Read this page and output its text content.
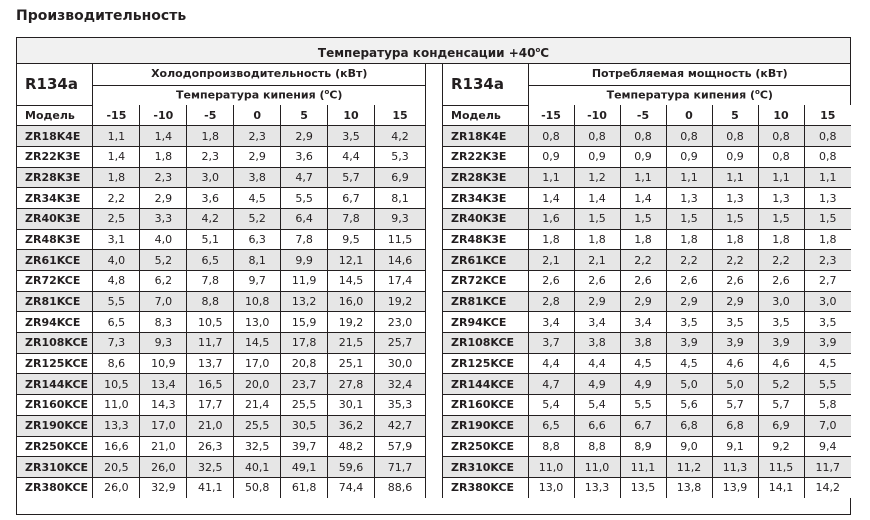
Производительность
Температура конденсации $+40^oC$
R134a	Холодопроизводительность (кВт)						
	Температура кипения ($^o$C)						
Модель	-15	-10	-5	0	5	10	15
ZR18K4E	1,1	1,4	1,8	2,3	2,9	3,5	4,2
ZR22K3E	1,4	1,8	2,3	2,9	3,6	4,4	5,3
ZR28K3E	1,8	2,3	3,0	3,8	4,7	5,7	6,9
ZR34K3E	2,2	2,9	3,6	4,5	5,5	6,7	8,1
ZR40K3E	2,5	3,3	4,2	5,2	6,4	7,8	9,3
ZR48K3E	3,1	4,0	5,1	6,3	7,8	9,5	11,5
ZR61KCE	4,0	5,2	6,5	8,1	9,9	12,1	14,6
ZR72KCE	4,8	6,2	7,8	9,7	11,9	14,5	17,4
ZR81KCE	5,5	7,0	8,8	10,8	13,2	16,0	19,2
ZR94KCE	6,5	8,3	10,5	13,0	15,9	19,2	23,0
ZR108KCE	7,3	9,3	11,7	14,5	17,8	21,5	25,7
ZR125KCE	8,6	10,9	13,7	17,0	20,8	25,1	30,0
ZR144KCE	10,5	13,4	16,5	20,0	23,7	27,8	32,4
ZR160KCE	11,0	14,3	17,7	21,4	25,5	30,1	35,3
ZR190KCE	13,3	17,0	21,0	25,5	30,5	36,2	42,7
ZR250KCE	16,6	21,0	26,3	32,5	39,7	48,2	57,9
ZR310KCE	20,5	26,0	32,5	40,1	49,1	59,6	71,7
ZR380KCE	26,0	32,9	41,1	50,8	61,8	74,4	88,6
R134a	Потребляемая мощность (кВт)						
	Температура кипения ($^o$C)						
Модель	-15	-10	-5	0	5	10	15
ZR18K4E	0,8	0,8	0,8	0,8	0,8	0,8	0,8
ZR22K3E	0,9	0,9	0,9	0,9	0,9	0,8	0,8
ZR28K3E	1,1	1,2	1,1	1,1	1,1	1,1	1,1
ZR34K3E	1,4	1,4	1,4	1,3	1,3	1,3	1,3
ZR40K3E	1,6	1,5	1,5	1,5	1,5	1,5	1,5
ZR48K3E	1,8	1,8	1,8	1,8	1,8	1,8	1,8
ZR61KCE	2,1	2,1	2,2	2,2	2,2	2,2	2,3
ZR72KCE	2,6	2,6	2,6	2,6	2,6	2,6	2,7
ZR81KCE	2,8	2,9	2,9	2,9	2,9	3,0	3,0
ZR94KCE	3,4	3,4	3,4	3,5	3,5	3,5	3,5
ZR108KCE	3,7	3,8	3,8	3,9	3,9	3,9	3,9
ZR125KCE	4,4	4,4	4,5	4,5	4,6	4,6	4,5
ZR144KCE	4,7	4,9	4,9	5,0	5,0	5,2	5,5
ZR160KCE	5,4	5,4	5,5	5,6	5,7	5,7	5,8
ZR190KCE	6,5	6,6	6,7	6,8	6,8	6,9	7,0
ZR250KCE	8,8	8,8	8,9	9,0	9,1	9,2	9,4
ZR310KCE	11,0	11,0	11,1	11,2	11,3	11,5	11,7
ZR380KCE	13,0	13,3	13,5	13,8	13,9	14,1	14,2
